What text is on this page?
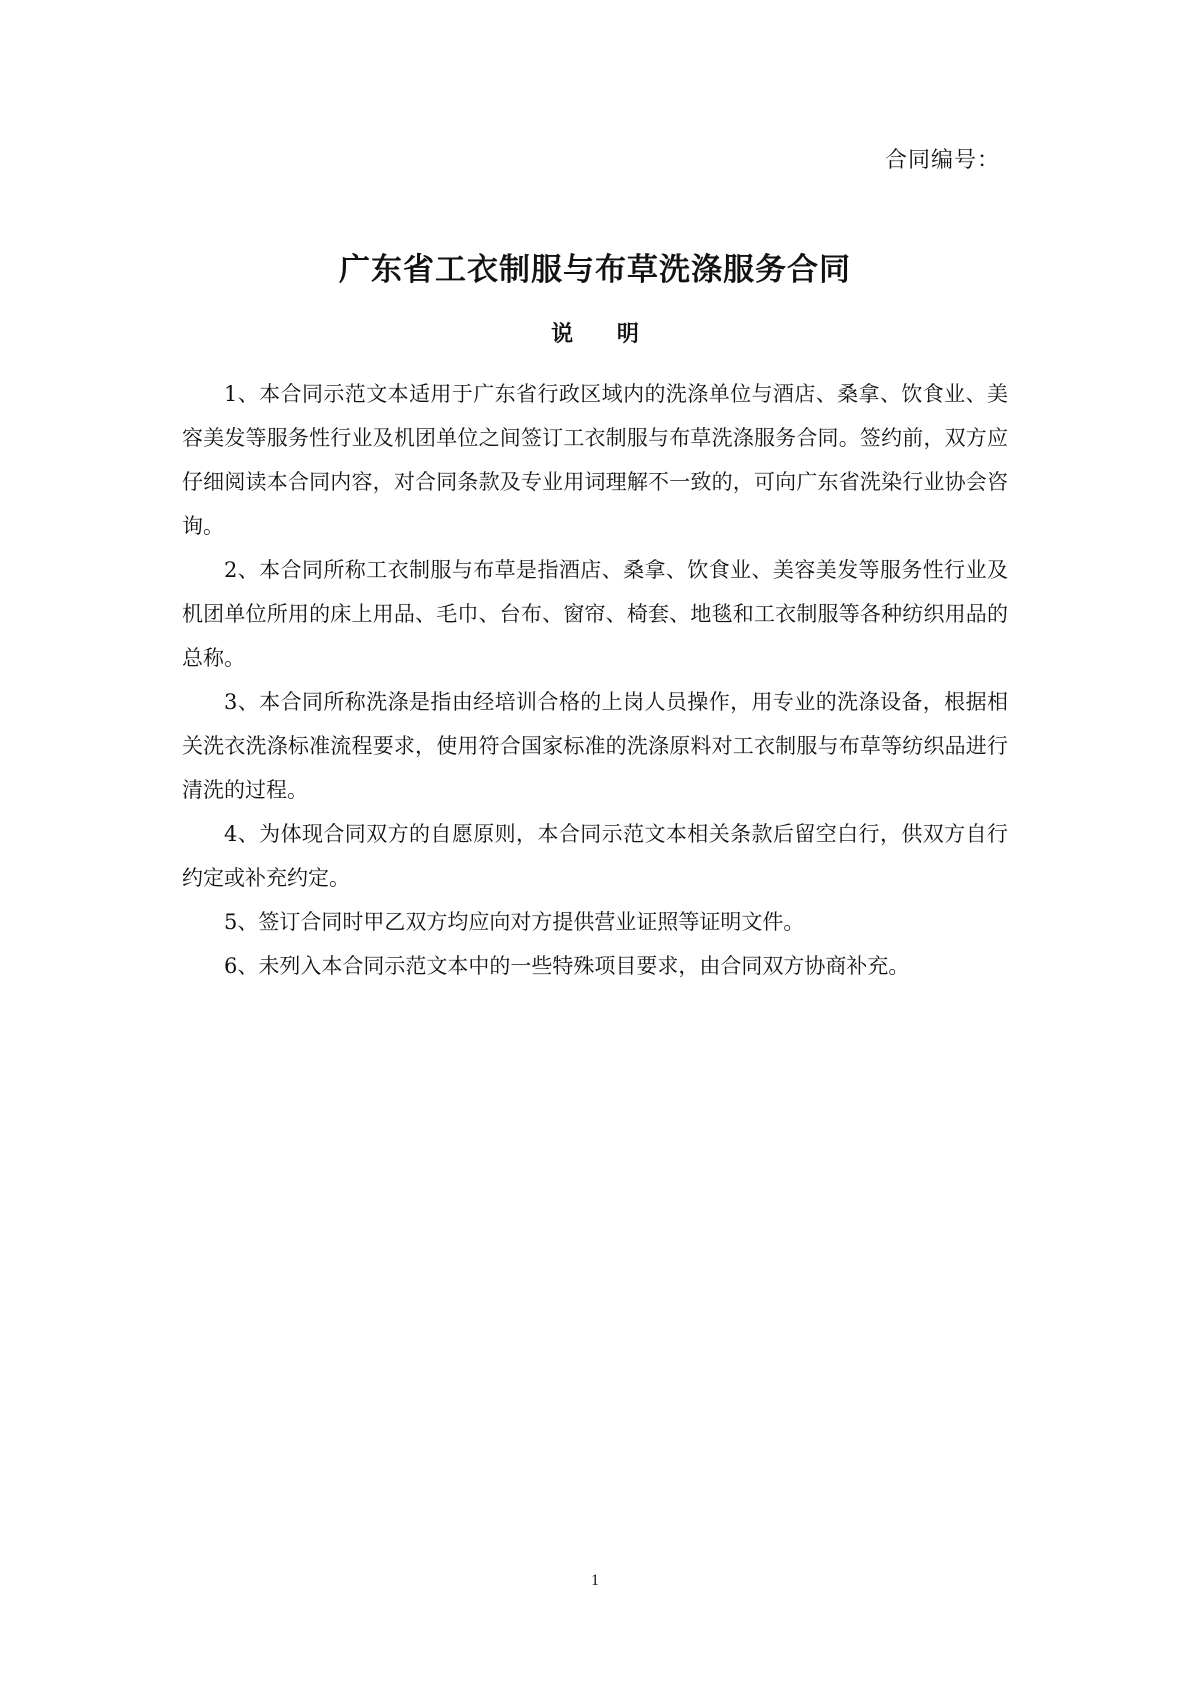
合同编号：
广东省工衣制服与布草洗涤服务合同
说 明

1、本合同示范文本适用于广东省行政区域内的洗涤单位与酒店、桑拿、饮食业、美容美发等服务性行业及机团单位之间签订工衣制服与布草洗涤服务合同。签约前，双方应仔细阅读本合同内容，对合同条款及专业用词理解不一致的，可向广东省洗染行业协会咨询。

2、本合同所称工衣制服与布草是指酒店、桑拿、饮食业、美容美发等服务性行业及机团单位所用的床上用品、毛巾、台布、窗帘、椅套、地毯和工衣制服等各种纺织用品的总称。

3、本合同所称洗涤是指由经培训合格的上岗人员操作，用专业的洗涤设备，根据相关洗衣洗涤标准流程要求，使用符合国家标准的洗涤原料对工衣制服与布草等纺织品进行清洗的过程。

4、为体现合同双方的自愿原则，本合同示范文本相关条款后留空白行，供双方自行约定或补充约定。

5、签订合同时甲乙双方均应向对方提供营业证照等证明文件。

6、未列入本合同示范文本中的一些特殊项目要求，由合同双方协商补充。

1
